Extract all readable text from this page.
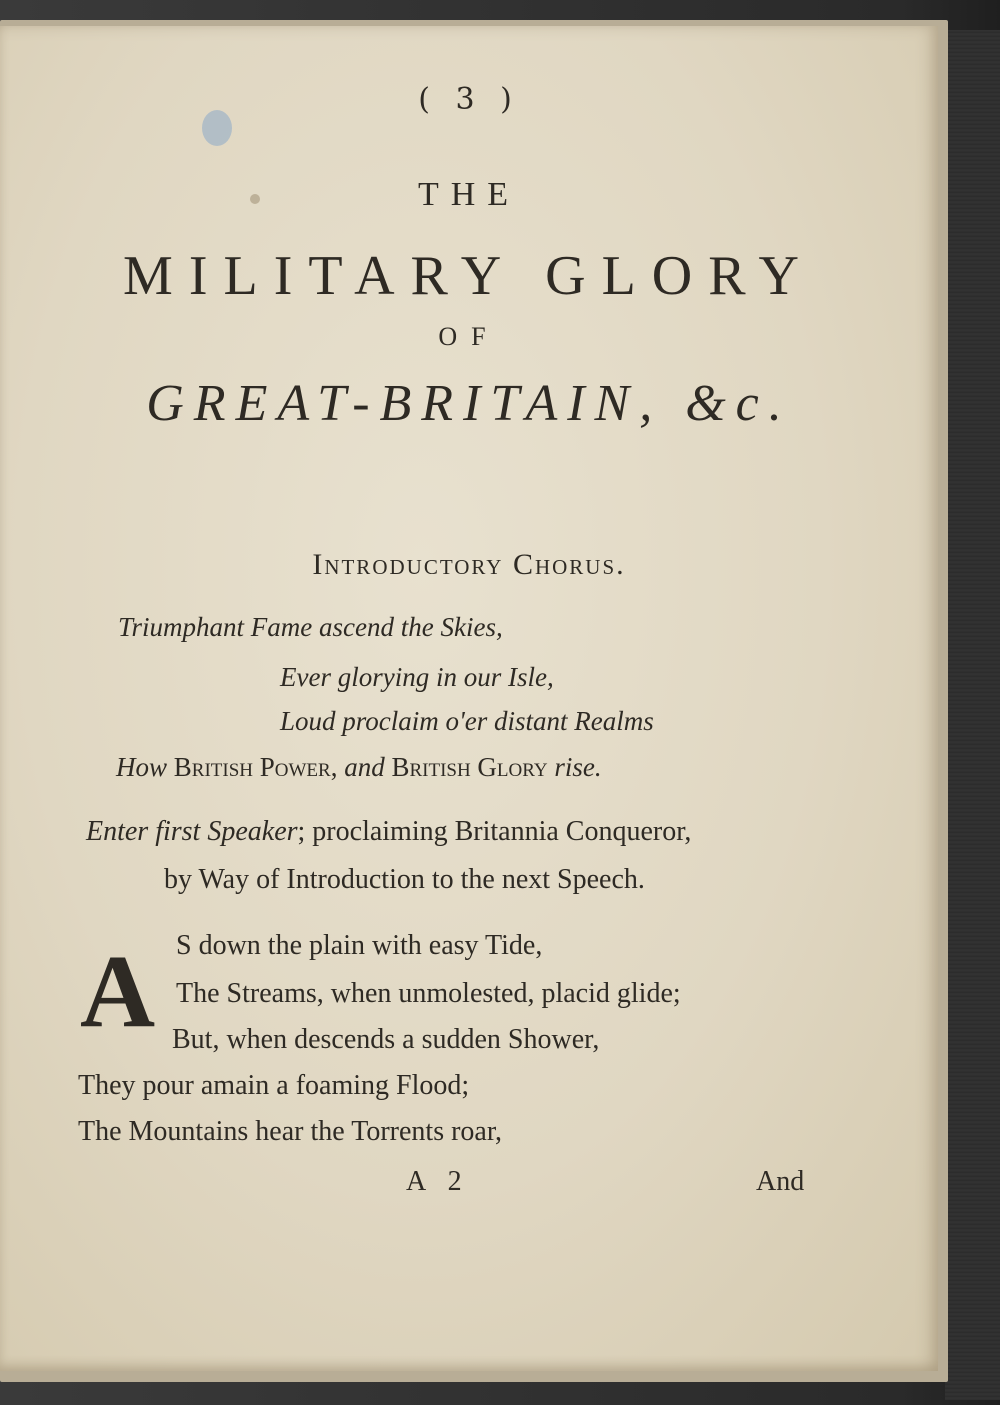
( 3 )
THE
MILITARY GLORY
OF
GREAT-BRITAIN, &c.
Introductory Chorus.
Triumphant Fame ascend the Skies,
Ever glorying in our Isle,
Loud proclaim o'er distant Realms
How British Power, and British Glory rise.
Enter first Speaker; proclaiming Britannia Conqueror,
by Way of Introduction to the next Speech.
A S down the plain with easy Tide,
The Streams, when unmolested, placid glide;
But, when descends a sudden Shower,
They pour amain a foaming Flood;
The Mountains hear the Torrents roar,
A 2	And
